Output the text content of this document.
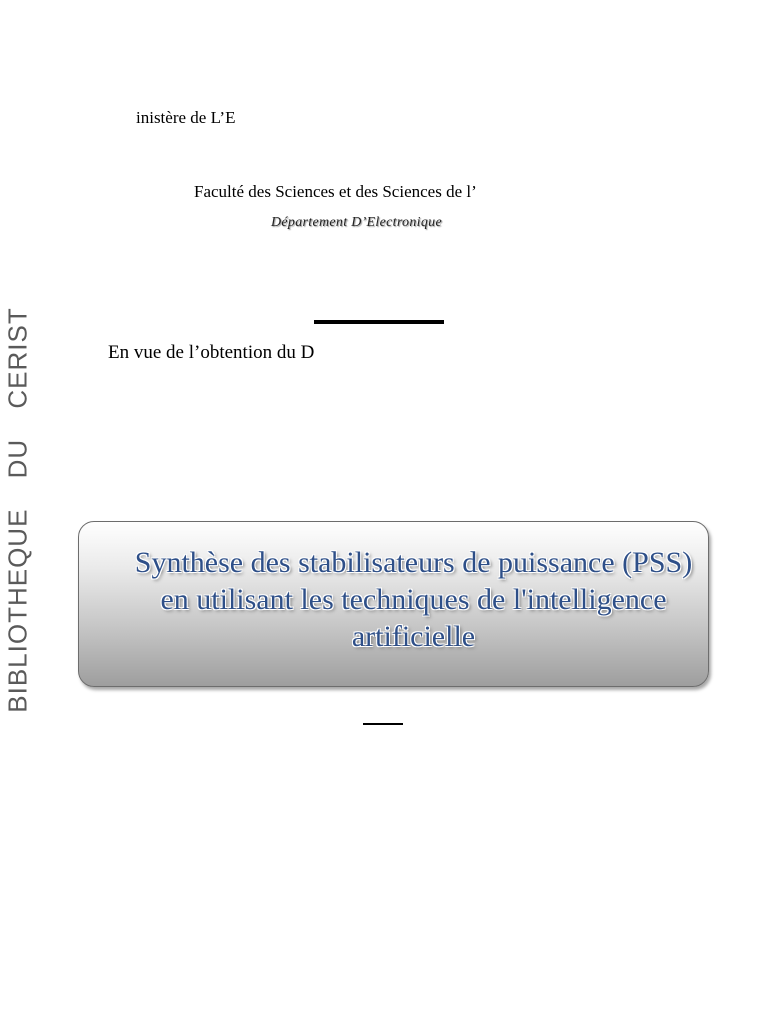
inistère de L’E
Faculté des Sciences et des Sciences de l’
Département D’Electronique
En vue de l’obtention du D
BIBLIOTHEQUE DU CERIST	Synthèse des stabilisateurs de puissance (PSS)
en utilisant les techniques de l'intelligence
artificielle
